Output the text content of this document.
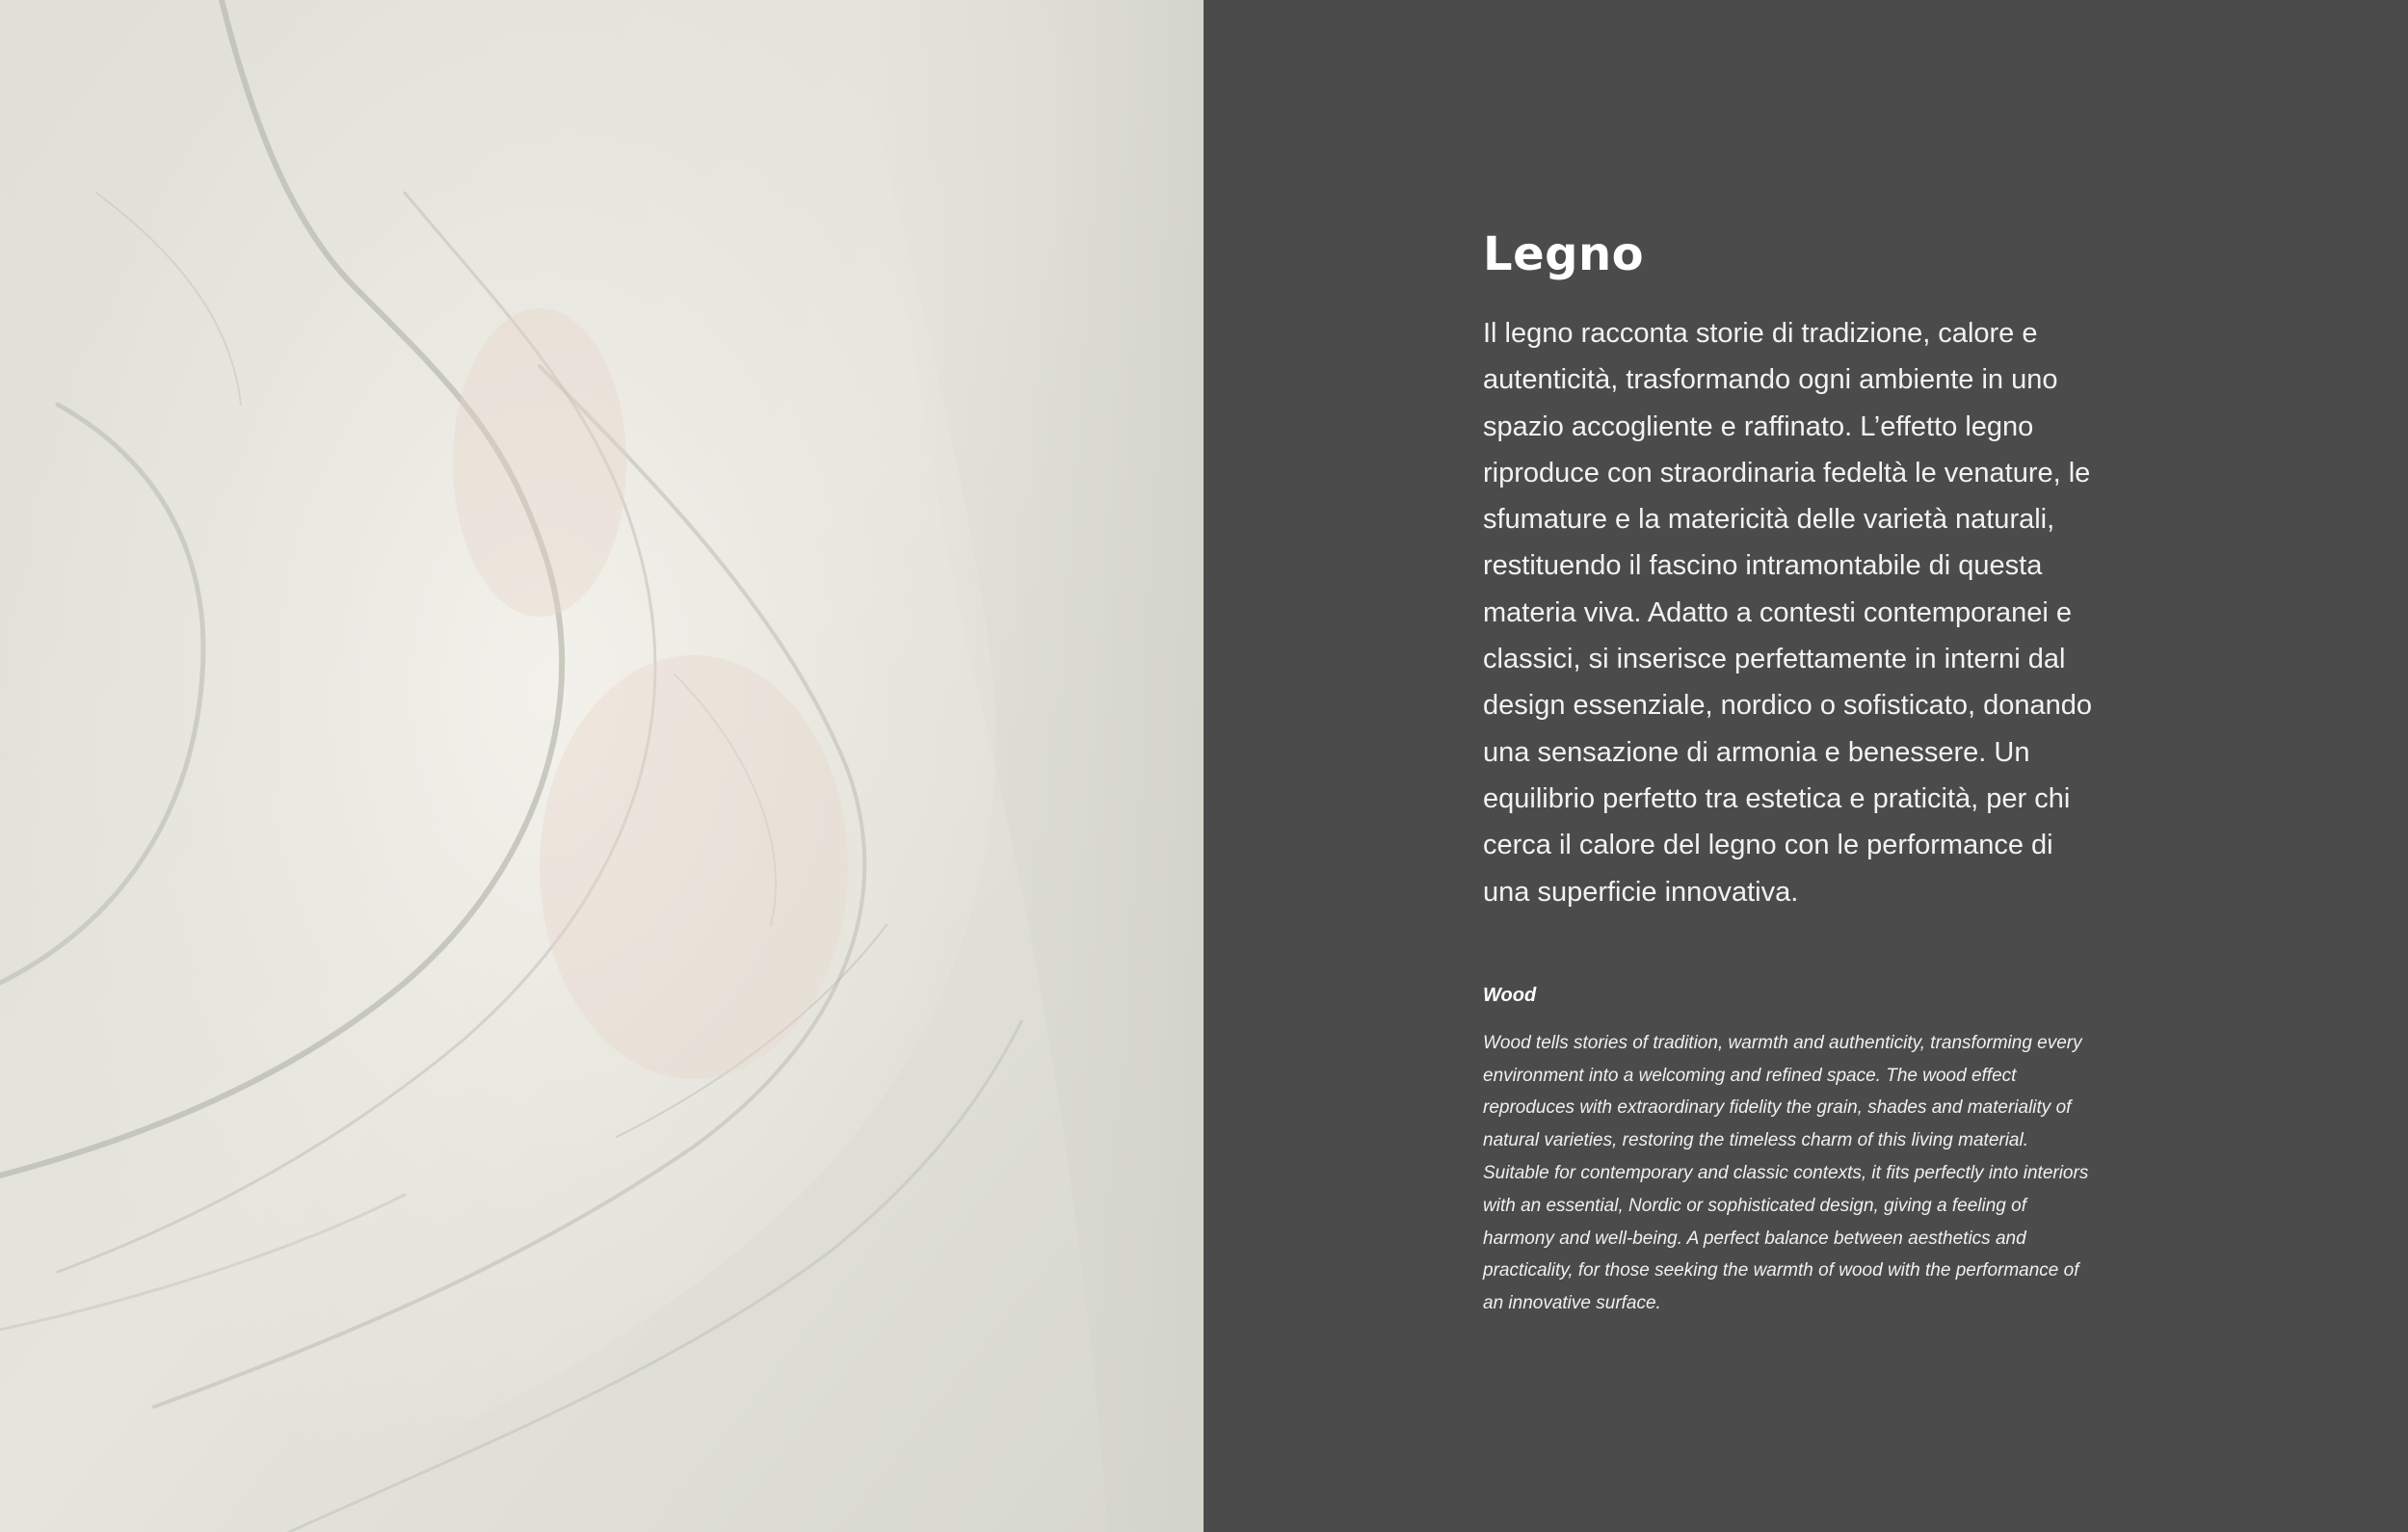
Legno

Il legno racconta storie di tradizione, calore e autenticità, trasformando ogni ambiente in uno spazio accogliente e raffinato. L’effetto legno riproduce con straordinaria fedeltà le venature, le sfumature e la matericità delle varietà naturali, restituendo il fascino intramontabile di questa materia viva. Adatto a contesti contemporanei e classici, si inserisce perfettamente in interni dal design essenziale, nordico o sofisticato, donando una sensazione di armonia e benessere. Un equilibrio perfetto tra estetica e praticità, per chi cerca il calore del legno con le performance di una superficie innovativa.

Wood

Wood tells stories of tradition, warmth and authenticity, transforming every environment into a welcoming and refined space. The wood effect reproduces with extraordinary fidelity the grain, shades and materiality of natural varieties, restoring the timeless charm of this living material. Suitable for contemporary and classic contexts, it fits perfectly into interiors with an essential, Nordic or sophisticated design, giving a feeling of harmony and well-being. A perfect balance between aesthetics and practicality, for those seeking the warmth of wood with the performance of an innovative surface.
